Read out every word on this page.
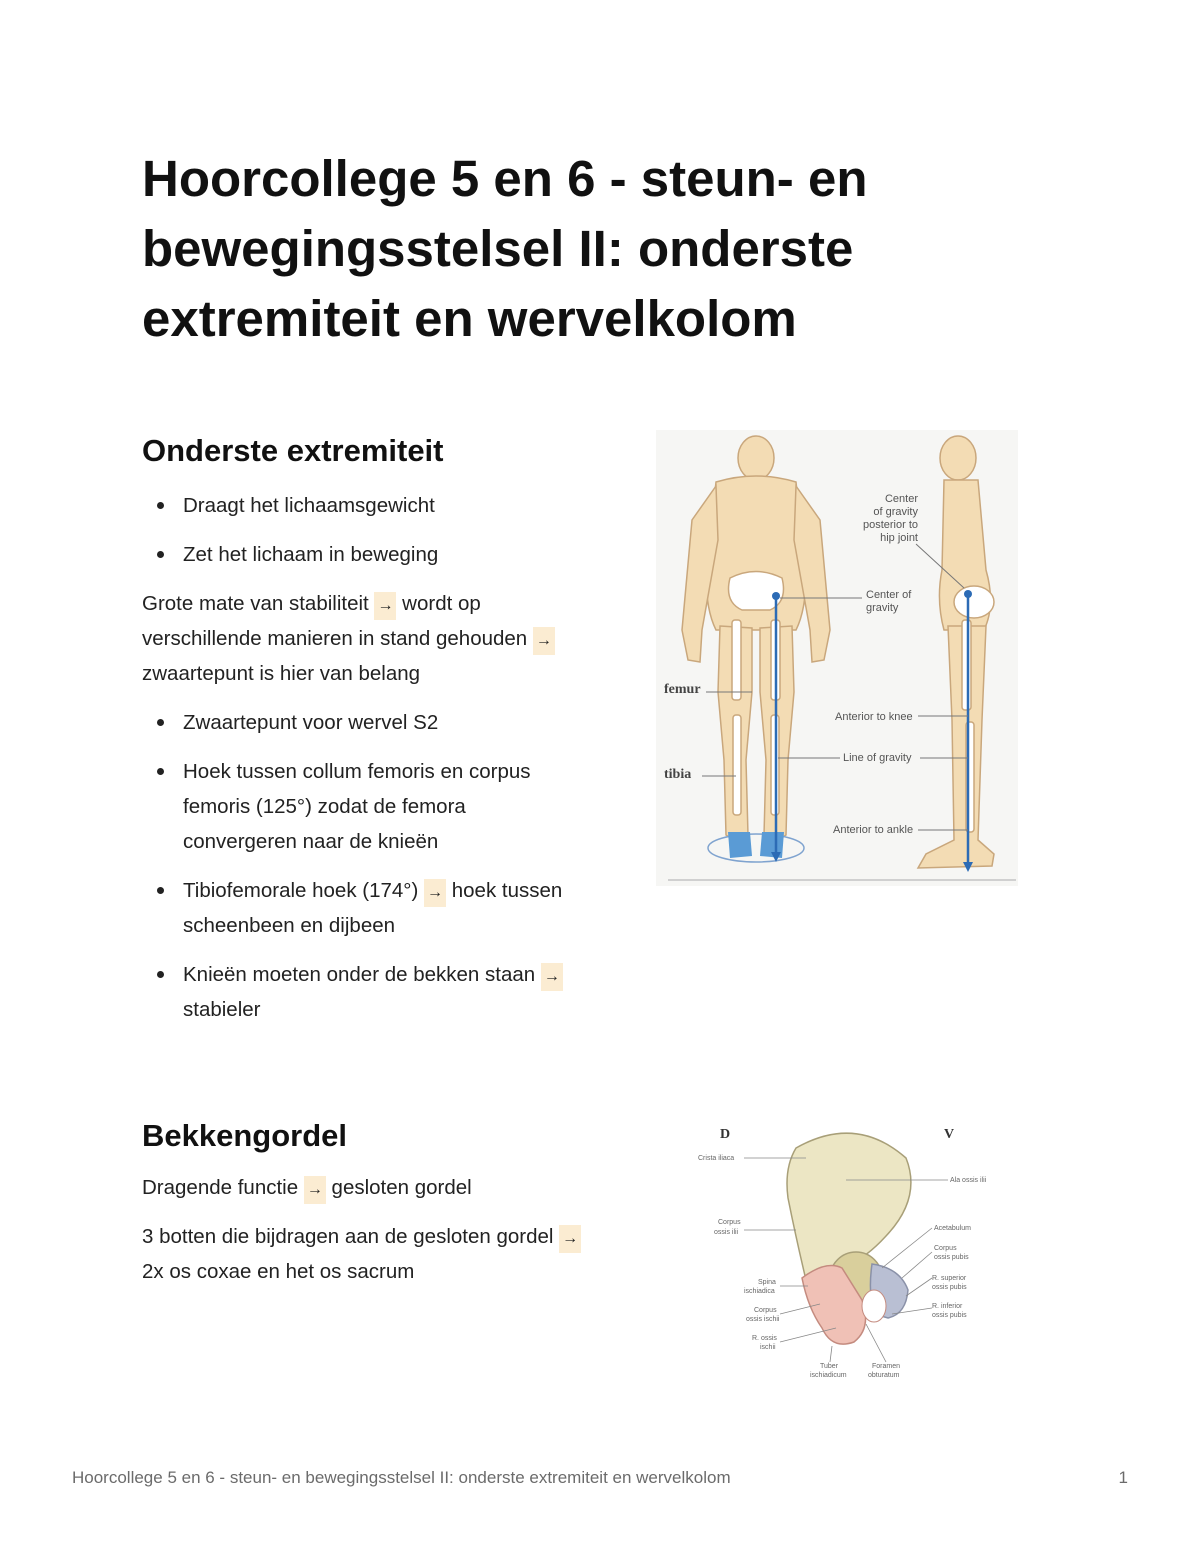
Hoorcollege 5 en 6 - steun- en bewegingsstelsel II: onderste extremiteit en wervelkolom
Onderste extremiteit
Draagt het lichaamsgewicht
Zet het lichaam in beweging

Grote mate van stabiliteit → wordt op verschillende manieren in stand gehouden → zwaartepunt is hier van belang

Zwaartepunt voor wervel S2
Hoek tussen collum femoris en corpus femoris (125°) zodat de femora convergeren naar de knieën
Tibiofemorale hoek (174°) → hoek tussen scheenbeen en dijbeen
Knieën moeten onder de bekken staan → stabieler
Center
of gravity
posterior to
hip joint
Center of
gravity
Anterior to knee
Line of gravity
Anterior to ankle
femur
tibia
Bekkengordel

Dragende functie → gesloten gordel

3 botten die bijdragen aan de gesloten gordel → 2x os coxae en het os sacrum

D	V
Crista iliaca
Ala ossis ilii
Corpus
ossis ilii
Acetabulum
Corpus
ossis pubis
Spina
ischiadica
R. superior
ossis pubis
Corpus
ossis ischii
R. inferior
ossis pubis
R. ossis
ischii
Tuber
ischiadicum
Foramen
obturatum
Hoorcollege 5 en 6 - steun- en bewegingsstelsel II: onderste extremiteit en wervelkolom	1
